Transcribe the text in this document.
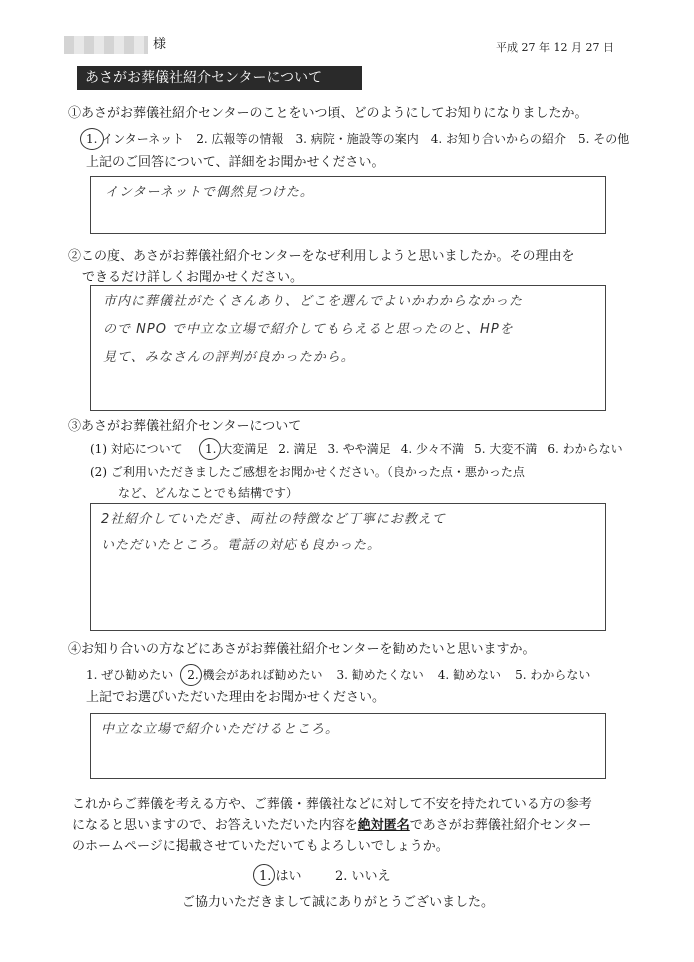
様	平成 27 年 12 月 27 日
あさがお葬儀社紹介センターについて
①あさがお葬儀社紹介センターのことをいつ頃、どのようにしてお知りになりましたか。
1. インターネット 2. 広報等の情報 3. 病院・施設等の案内 4. お知り合いからの紹介 5. その他
上記のご回答について、詳細をお聞かせください。
インターネットで偶然見つけた。
②この度、あさがお葬儀社紹介センターをなぜ利用しようと思いましたか。その理由を
できるだけ詳しくお聞かせください。
市内に葬儀社がたくさんあり、どこを選んでよいかわからなかった
ので NPO で中立な立場で紹介してもらえると思ったのと、HPを
見て、みなさんの評判が良かったから。
③あさがお葬儀社紹介センターについて
(1) 対応について 1. 大変満足 2. 満足 3. やや満足 4. 少々不満 5. 大変不満 6. わからない
(2) ご利用いただきましたご感想をお聞かせください。（良かった点・悪かった点
など、どんなことでも結構です）
2社紹介していただき、両社の特徴など丁寧にお教えて
いただいたところ。電話の対応も良かった。
④お知り合いの方などにあさがお葬儀社紹介センターを勧めたいと思いますか。
1. ぜひ勧めたい 2. 機会があれば勧めたい 3. 勧めたくない 4. 勧めない 5. わからない
上記でお選びいただいた理由をお聞かせください。
中立な立場で紹介いただけるところ。
これからご葬儀を考える方や、ご葬儀・葬儀社などに対して不安を持たれている方の参考
になると思いますので、お答えいただいた内容を絶対匿名であさがお葬儀社紹介センター
のホームページに掲載させていただいてもよろしいでしょうか。
1. はい	2. いいえ
ご協力いただきまして誠にありがとうございました。
